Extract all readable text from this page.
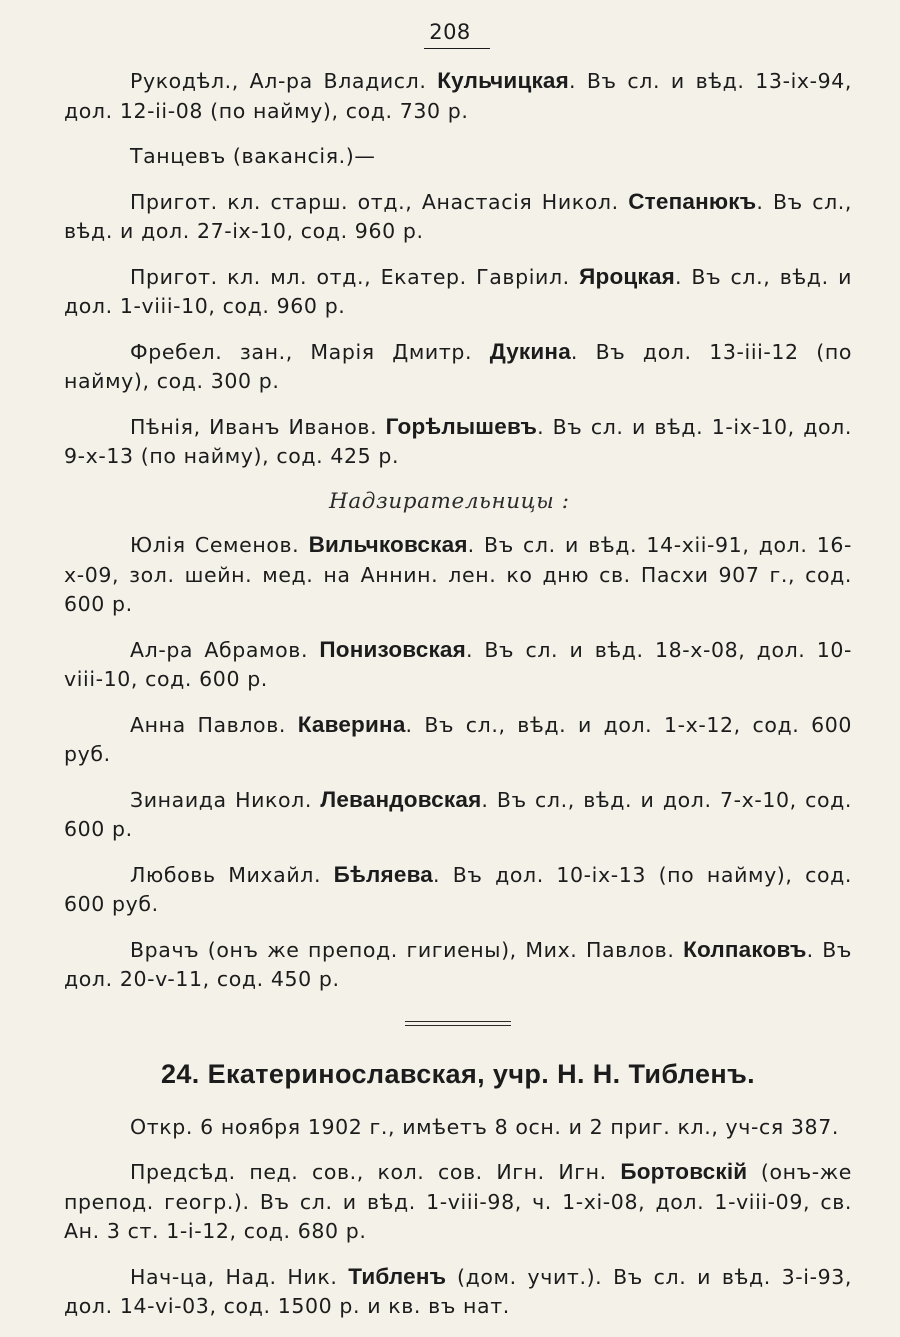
208

Рукодѣл., Ал-ра Владисл. Кульчицкая. Въ сл. и вѣд. 13-ix-94, дол. 12-ii-08 (по найму), сод. 730 р.

Танцевъ (вакансія.)—

Пригот. кл. старш. отд., Анастасія Никол. Степанюкъ. Въ сл., вѣд. и дол. 27-ix-10, сод. 960 р.

Пригот. кл. мл. отд., Екатер. Гавріил. Яроцкая. Въ сл., вѣд. и дол. 1-viii-10, сод. 960 р.

Фребел. зан., Марія Дмитр. Дукина. Въ дол. 13-iii-12 (по найму), сод. 300 р.

Пѣнія, Иванъ Иванов. Горѣлышевъ. Въ сл. и вѣд. 1-ix-10, дол. 9-x-13 (по найму), сод. 425 р.

Надзирательницы :

Юлія Семенов. Вильчковская. Въ сл. и вѣд. 14-xii-91, дол. 16-x-09, зол. шейн. мед. на Аннин. лен. ко дню св. Пасхи 907 г., сод. 600 р.

Ал-ра Абрамов. Понизовская. Въ сл. и вѣд. 18-x-08, дол. 10-viii-10, сод. 600 р.

Анна Павлов. Каверина. Въ сл., вѣд. и дол. 1-x-12, сод. 600 руб.

Зинаида Никол. Левандовская. Въ сл., вѣд. и дол. 7-x-10, сод. 600 р.

Любовь Михайл. Бѣляева. Въ дол. 10-ix-13 (по найму), сод. 600 руб.

Врачъ (онъ же препод. гигиены), Мих. Павлов. Колпаковъ. Въ дол. 20-v-11, сод. 450 р.

24. Екатеринославская, учр. Н. Н. Тибленъ.

Откр. 6 ноября 1902 г., имѣетъ 8 осн. и 2 приг. кл., уч-ся 387.

Предсѣд. пед. сов., кол. сов. Игн. Игн. Бортовскій (онъ-же препод. геогр.). Въ сл. и вѣд. 1-viii-98, ч. 1-xi-08, дол. 1-viii-09, св. Ан. 3 ст. 1-i-12, сод. 680 р.

Нач-ца, Над. Ник. Тибленъ (дом. учит.). Въ сл. и вѣд. 3-i-93, дол. 14-vi-03, сод. 1500 р. и кв. въ нат.
